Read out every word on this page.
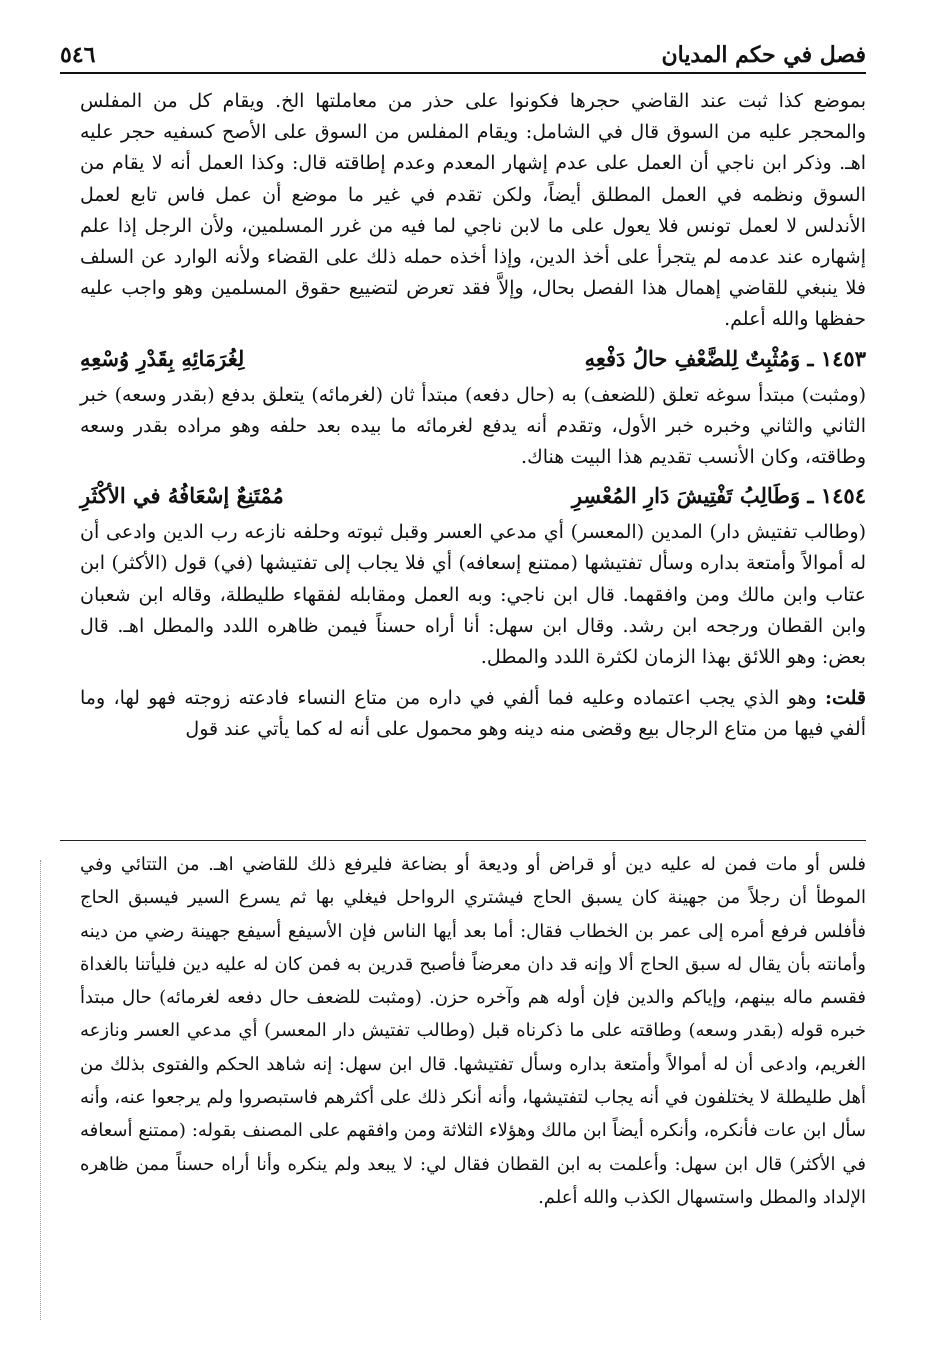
فصل في حكم المديان
٥٤٦

بموضع كذا ثبت عند القاضي حجرها فكونوا على حذر من معاملتها الخ. ويقام كل من المفلس والمحجر عليه من السوق قال في الشامل: ويقام المفلس من السوق على الأصح كسفيه حجر عليه اهـ. وذكر ابن ناجي أن العمل على عدم إشهار المعدم وعدم إطاقته قال: وكذا العمل أنه لا يقام من السوق ونظمه في العمل المطلق أيضاً، ولكن تقدم في غير ما موضع أن عمل فاس تابع لعمل الأندلس لا لعمل تونس فلا يعول على ما لابن ناجي لما فيه من غرر المسلمين، ولأن الرجل إذا علم إشهاره عند عدمه لم يتجرأ على أخذ الدين، وإذا أخذه حمله ذلك على القضاء ولأنه الوارد عن السلف فلا ينبغي للقاضي إهمال هذا الفصل بحال، وإلاَّ فقد تعرض لتضييع حقوق المسلمين وهو واجب عليه حفظها والله أعلم.

١٤٥٣ ـ وَمُثْبِتٌ لِلضَّعْفِ حالُ دَفْعِهِ
لِغُرَمَائِهِ بِقَدْرِ وُسْعِهِ

(ومثبت) مبتدأ سوغه تعلق (للضعف) به (حال دفعه) مبتدأ ثان (لغرمائه) يتعلق بدفع (بقدر وسعه) خبر الثاني والثاني وخبره خبر الأول، وتقدم أنه يدفع لغرمائه ما بيده بعد حلفه وهو مراده بقدر وسعه وطاقته، وكان الأنسب تقديم هذا البيت هناك.

١٤٥٤ ـ وَطَالِبُ تَفْتِيشَ دَارِ المُعْسِرِ
مُمْتَنِعٌ إسْعَافُهُ في الأكْثَرِ

(وطالب تفتيش دار) المدين (المعسر) أي مدعي العسر وقبل ثبوته وحلفه نازعه رب الدين وادعى أن له أموالاً وأمتعة بداره وسأل تفتيشها (ممتنع إسعافه) أي فلا يجاب إلى تفتيشها (في) قول (الأكثر) ابن عتاب وابن مالك ومن وافقهما. قال ابن ناجي: وبه العمل ومقابله لفقهاء طليطلة، وقاله ابن شعبان وابن القطان ورجحه ابن رشد. وقال ابن سهل: أنا أراه حسناً فيمن ظاهره اللدد والمطل اهـ. قال بعض: وهو اللائق بهذا الزمان لكثرة اللدد والمطل.

قلت: وهو الذي يجب اعتماده وعليه فما ألفي في داره من متاع النساء فادعته زوجته فهو لها، وما ألفي فيها من متاع الرجال بيع وقضى منه دينه وهو محمول على أنه له كما يأتي عند قول

فلس أو مات فمن له عليه دين أو قراض أو وديعة أو بضاعة فليرفع ذلك للقاضي اهـ. من التتائي وفي الموطأ أن رجلاً من جهينة كان يسبق الحاج فيشتري الرواحل فيغلي بها ثم يسرع السير فيسبق الحاج فأفلس فرفع أمره إلى عمر بن الخطاب فقال: أما بعد أيها الناس فإن الأسيفع أسيفع جهينة رضي من دينه وأمانته بأن يقال له سبق الحاج ألا وإنه قد دان معرضاً فأصبح قدرين به فمن كان له عليه دين فليأتنا بالغداة فقسم ماله بينهم، وإياكم والدين فإن أوله هم وآخره حزن. (ومثبت للضعف حال دفعه لغرمائه) حال مبتدأ خبره قوله (بقدر وسعه) وطاقته على ما ذكرناه قبل (وطالب تفتيش دار المعسر) أي مدعي العسر ونازعه الغريم، وادعى أن له أموالاً وأمتعة بداره وسأل تفتيشها. قال ابن سهل: إنه شاهد الحكم والفتوى بذلك من أهل طليطلة لا يختلفون في أنه يجاب لتفتيشها، وأنه أنكر ذلك على أكثرهم فاستبصروا ولم يرجعوا عنه، وأنه سأل ابن عات فأنكره، وأنكره أيضاً ابن مالك وهؤلاء الثلاثة ومن وافقهم على المصنف بقوله: (ممتنع أسعافه في الأكثر) قال ابن سهل: وأعلمت به ابن القطان فقال لي: لا يبعد ولم ينكره وأنا أراه حسناً ممن ظاهره الإلداد والمطل واستسهال الكذب والله أعلم.
